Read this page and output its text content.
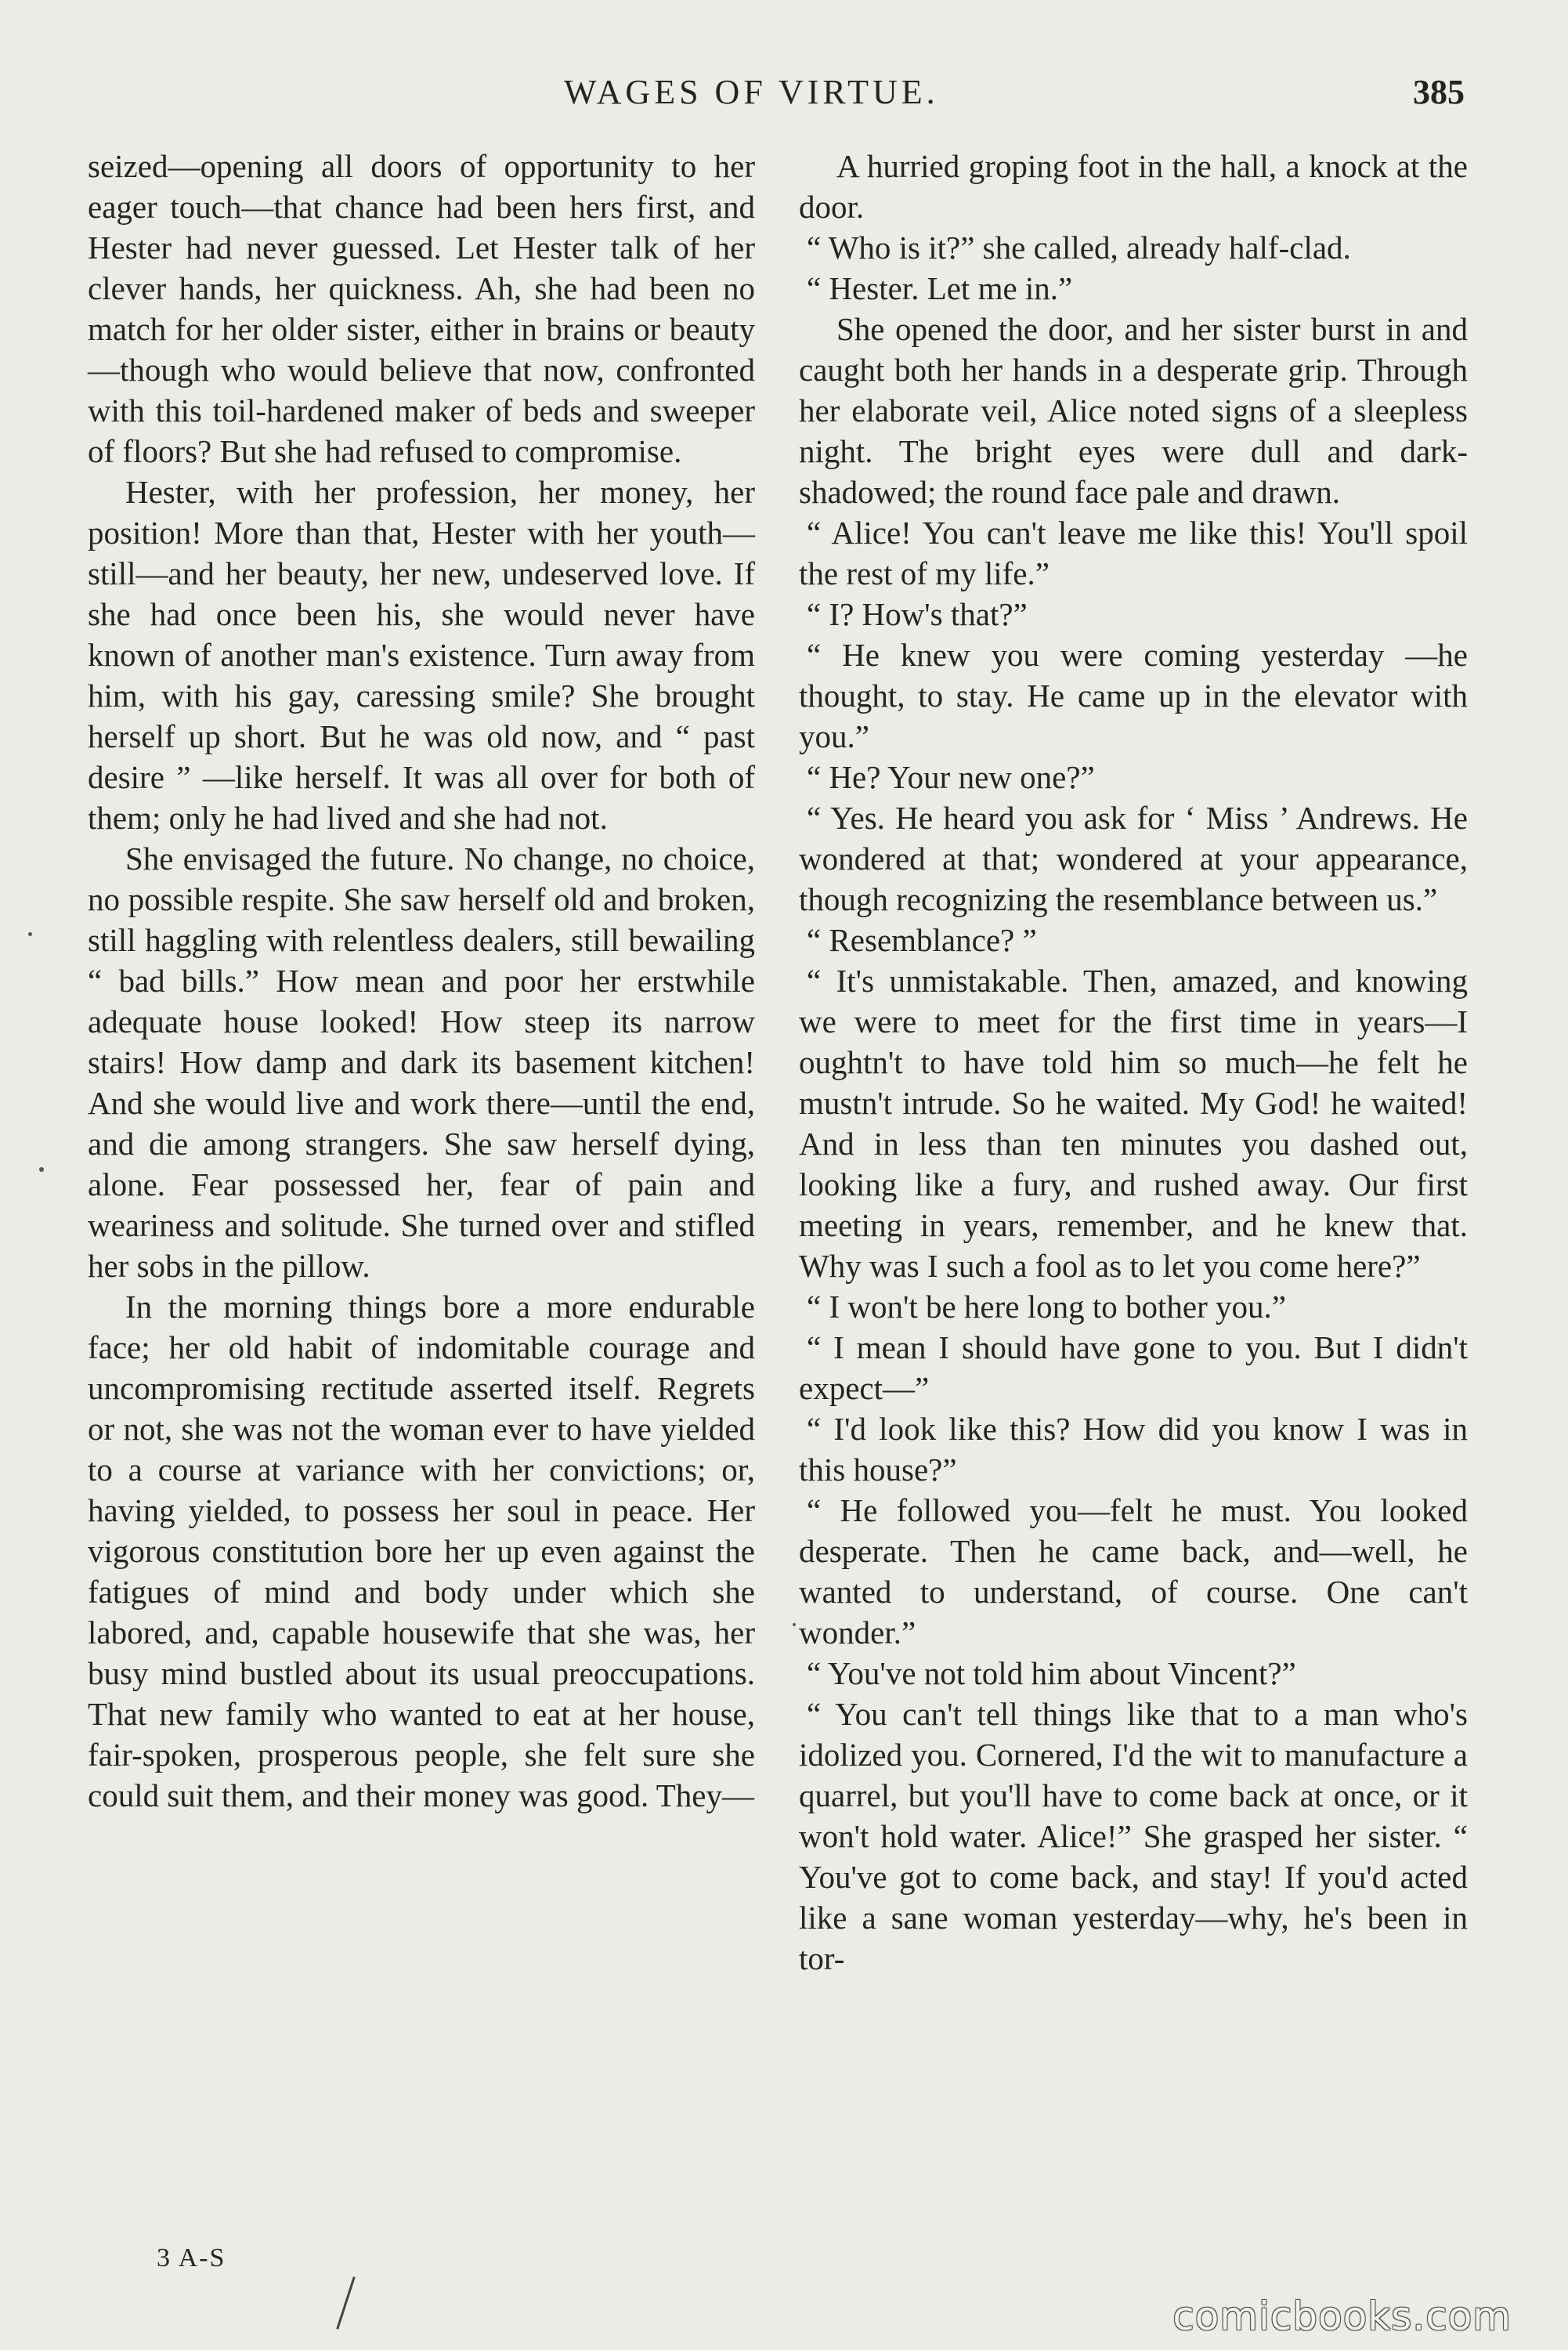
WAGES OF VIRTUE.	385

seized—opening all doors of opportunity to her eager touch—that chance had been hers first, and Hester had never guessed. Let Hester talk of her clever hands, her quickness. Ah, she had been no match for her older sister, either in brains or beauty—though who would believe that now, confronted with this toil-hardened maker of beds and sweeper of floors? But she had refused to compromise.

Hester, with her profession, her money, her position! More than that, Hester with her youth—still—and her beauty, her new, undeserved love. If she had once been his, she would never have known of another man's existence. Turn away from him, with his gay, caressing smile? She brought herself up short. But he was old now, and “ past desire ” —like herself. It was all over for both of them; only he had lived and she had not.

She envisaged the future. No change, no choice, no possible respite. She saw herself old and broken, still haggling with relentless dealers, still bewailing “ bad bills.” How mean and poor her erstwhile adequate house looked! How steep its narrow stairs! How damp and dark its basement kitchen! And she would live and work there—until the end, and die among strangers. She saw herself dying, alone. Fear possessed her, fear of pain and weariness and solitude. She turned over and stifled her sobs in the pillow.

In the morning things bore a more endurable face; her old habit of indomitable courage and uncompromising rectitude asserted itself. Regrets or not, she was not the woman ever to have yielded to a course at variance with her convictions; or, having yielded, to possess her soul in peace. Her vigorous constitution bore her up even against the fatigues of mind and body under which she labored, and, capable housewife that she was, her busy mind bustled about its usual preoccupations. That new family who wanted to eat at her house, fair-spoken, prosperous people, she felt sure she could suit them, and their money was good. They—

A hurried groping foot in the hall, a knock at the door.

“ Who is it?” she called, already half-clad.

“ Hester. Let me in.”

She opened the door, and her sister burst in and caught both her hands in a desperate grip. Through her elaborate veil, Alice noted signs of a sleepless night. The bright eyes were dull and dark-shadowed; the round face pale and drawn.

“ Alice! You can't leave me like this! You'll spoil the rest of my life.”

“ I? How's that?”

“ He knew you were coming yesterday —he thought, to stay. He came up in the elevator with you.”

“ He? Your new one?”

“ Yes. He heard you ask for ‘ Miss ’ Andrews. He wondered at that; wondered at your appearance, though recognizing the resemblance between us.”

“ Resemblance? ”

“ It's unmistakable. Then, amazed, and knowing we were to meet for the first time in years—I oughtn't to have told him so much—he felt he mustn't intrude. So he waited. My God! he waited! And in less than ten minutes you dashed out, looking like a fury, and rushed away. Our first meeting in years, remember, and he knew that. Why was I such a fool as to let you come here?”

“ I won't be here long to bother you.”

“ I mean I should have gone to you. But I didn't expect—”

“ I'd look like this? How did you know I was in this house?”

“ He followed you—felt he must. You looked desperate. Then he came back, and—well, he wanted to understand, of course. One can't wonder.”

“ You've not told him about Vincent?”

“ You can't tell things like that to a man who's idolized you. Cornered, I'd the wit to manufacture a quarrel, but you'll have to come back at once, or it won't hold water. Alice!” She grasped her sister. “ You've got to come back, and stay! If you'd acted like a sane woman yesterday—why, he's been in tor-

3 A-S
comicbooks.com
